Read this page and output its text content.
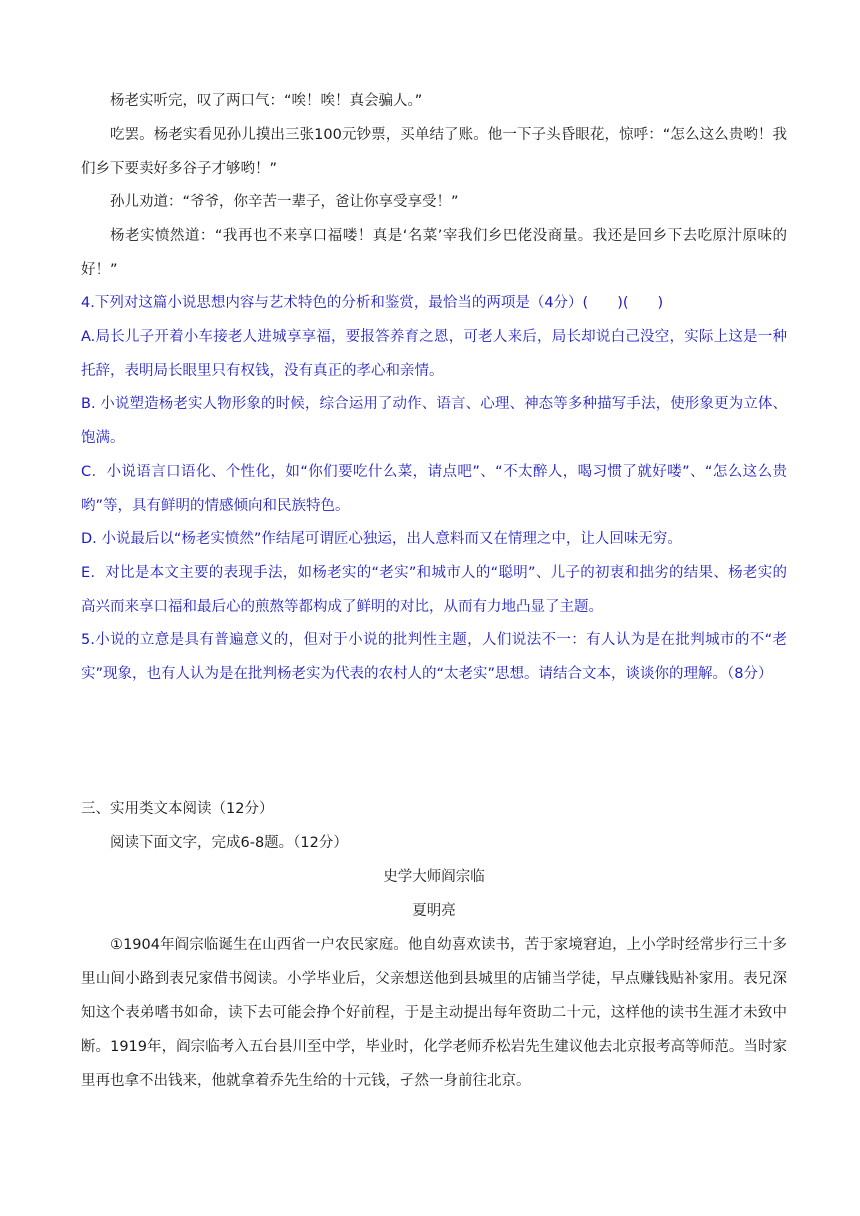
杨老实听完，叹了两口气：“唉！唉！真会骗人。”

吃罢。杨老实看见孙儿摸出三张100元钞票，买单结了账。他一下子头昏眼花，惊呼：“怎么这么贵哟！我们乡下要卖好多谷子才够哟！”

孙儿劝道：“爷爷，你辛苦一辈子，爸让你享受享受！”

杨老实愤然道：“我再也不来享口福喽！真是‘名菜’宰我们乡巴佬没商量。我还是回乡下去吃原汁原味的好！”

4.下列对这篇小说思想内容与艺术特色的分析和鉴赏，最恰当的两项是（4分）(　　)(　　)

A.局长儿子开着小车接老人进城享享福，要报答养育之恩，可老人来后，局长却说白己没空，实际上这是一种托辞，表明局长眼里只有权钱，没有真正的孝心和亲情。

B. 小说塑造杨老实人物形象的时候，综合运用了动作、语言、心理、神态等多种描写手法，使形象更为立体、饱满。

C．小说语言口语化、个性化，如“你们要吃什么菜，请点吧”、“不太醉人，喝习惯了就好喽”、“怎么这么贵哟”等，具有鲜明的情感倾向和民族特色。

D. 小说最后以“杨老实愤然”作结尾可谓匠心独运，出人意料而又在情理之中，让人回味无穷。

E．对比是本文主要的表现手法，如杨老实的“老实”和城市人的“聪明”、儿子的初衷和拙劣的结果、杨老实的高兴而来享口福和最后心的煎熬等都构成了鲜明的对比，从而有力地凸显了主题。

5.小说的立意是具有普遍意义的，但对于小说的批判性主题，人们说法不一：有人认为是在批判城市的不“老实”现象，也有人认为是在批判杨老实为代表的农村人的“太老实”思想。请结合文本，谈谈你的理解。（8分）

三、实用类文本阅读（12分）

阅读下面文字，完成6-8题。（12分）

史学大师阎宗临

夏明亮

①1904年阎宗临诞生在山西省一户农民家庭。他自幼喜欢读书，苦于家境窘迫，上小学时经常步行三十多里山间小路到表兄家借书阅读。小学毕业后，父亲想送他到县城里的店铺当学徒，早点赚钱贴补家用。表兄深知这个表弟嗜书如命，读下去可能会挣个好前程，于是主动提出每年资助二十元，这样他的读书生涯才未致中断。1919年，阎宗临考入五台县川至中学，毕业时，化学老师乔松岩先生建议他去北京报考高等师范。当时家里再也拿不出钱来，他就拿着乔先生给的十元钱，孑然一身前往北京。
